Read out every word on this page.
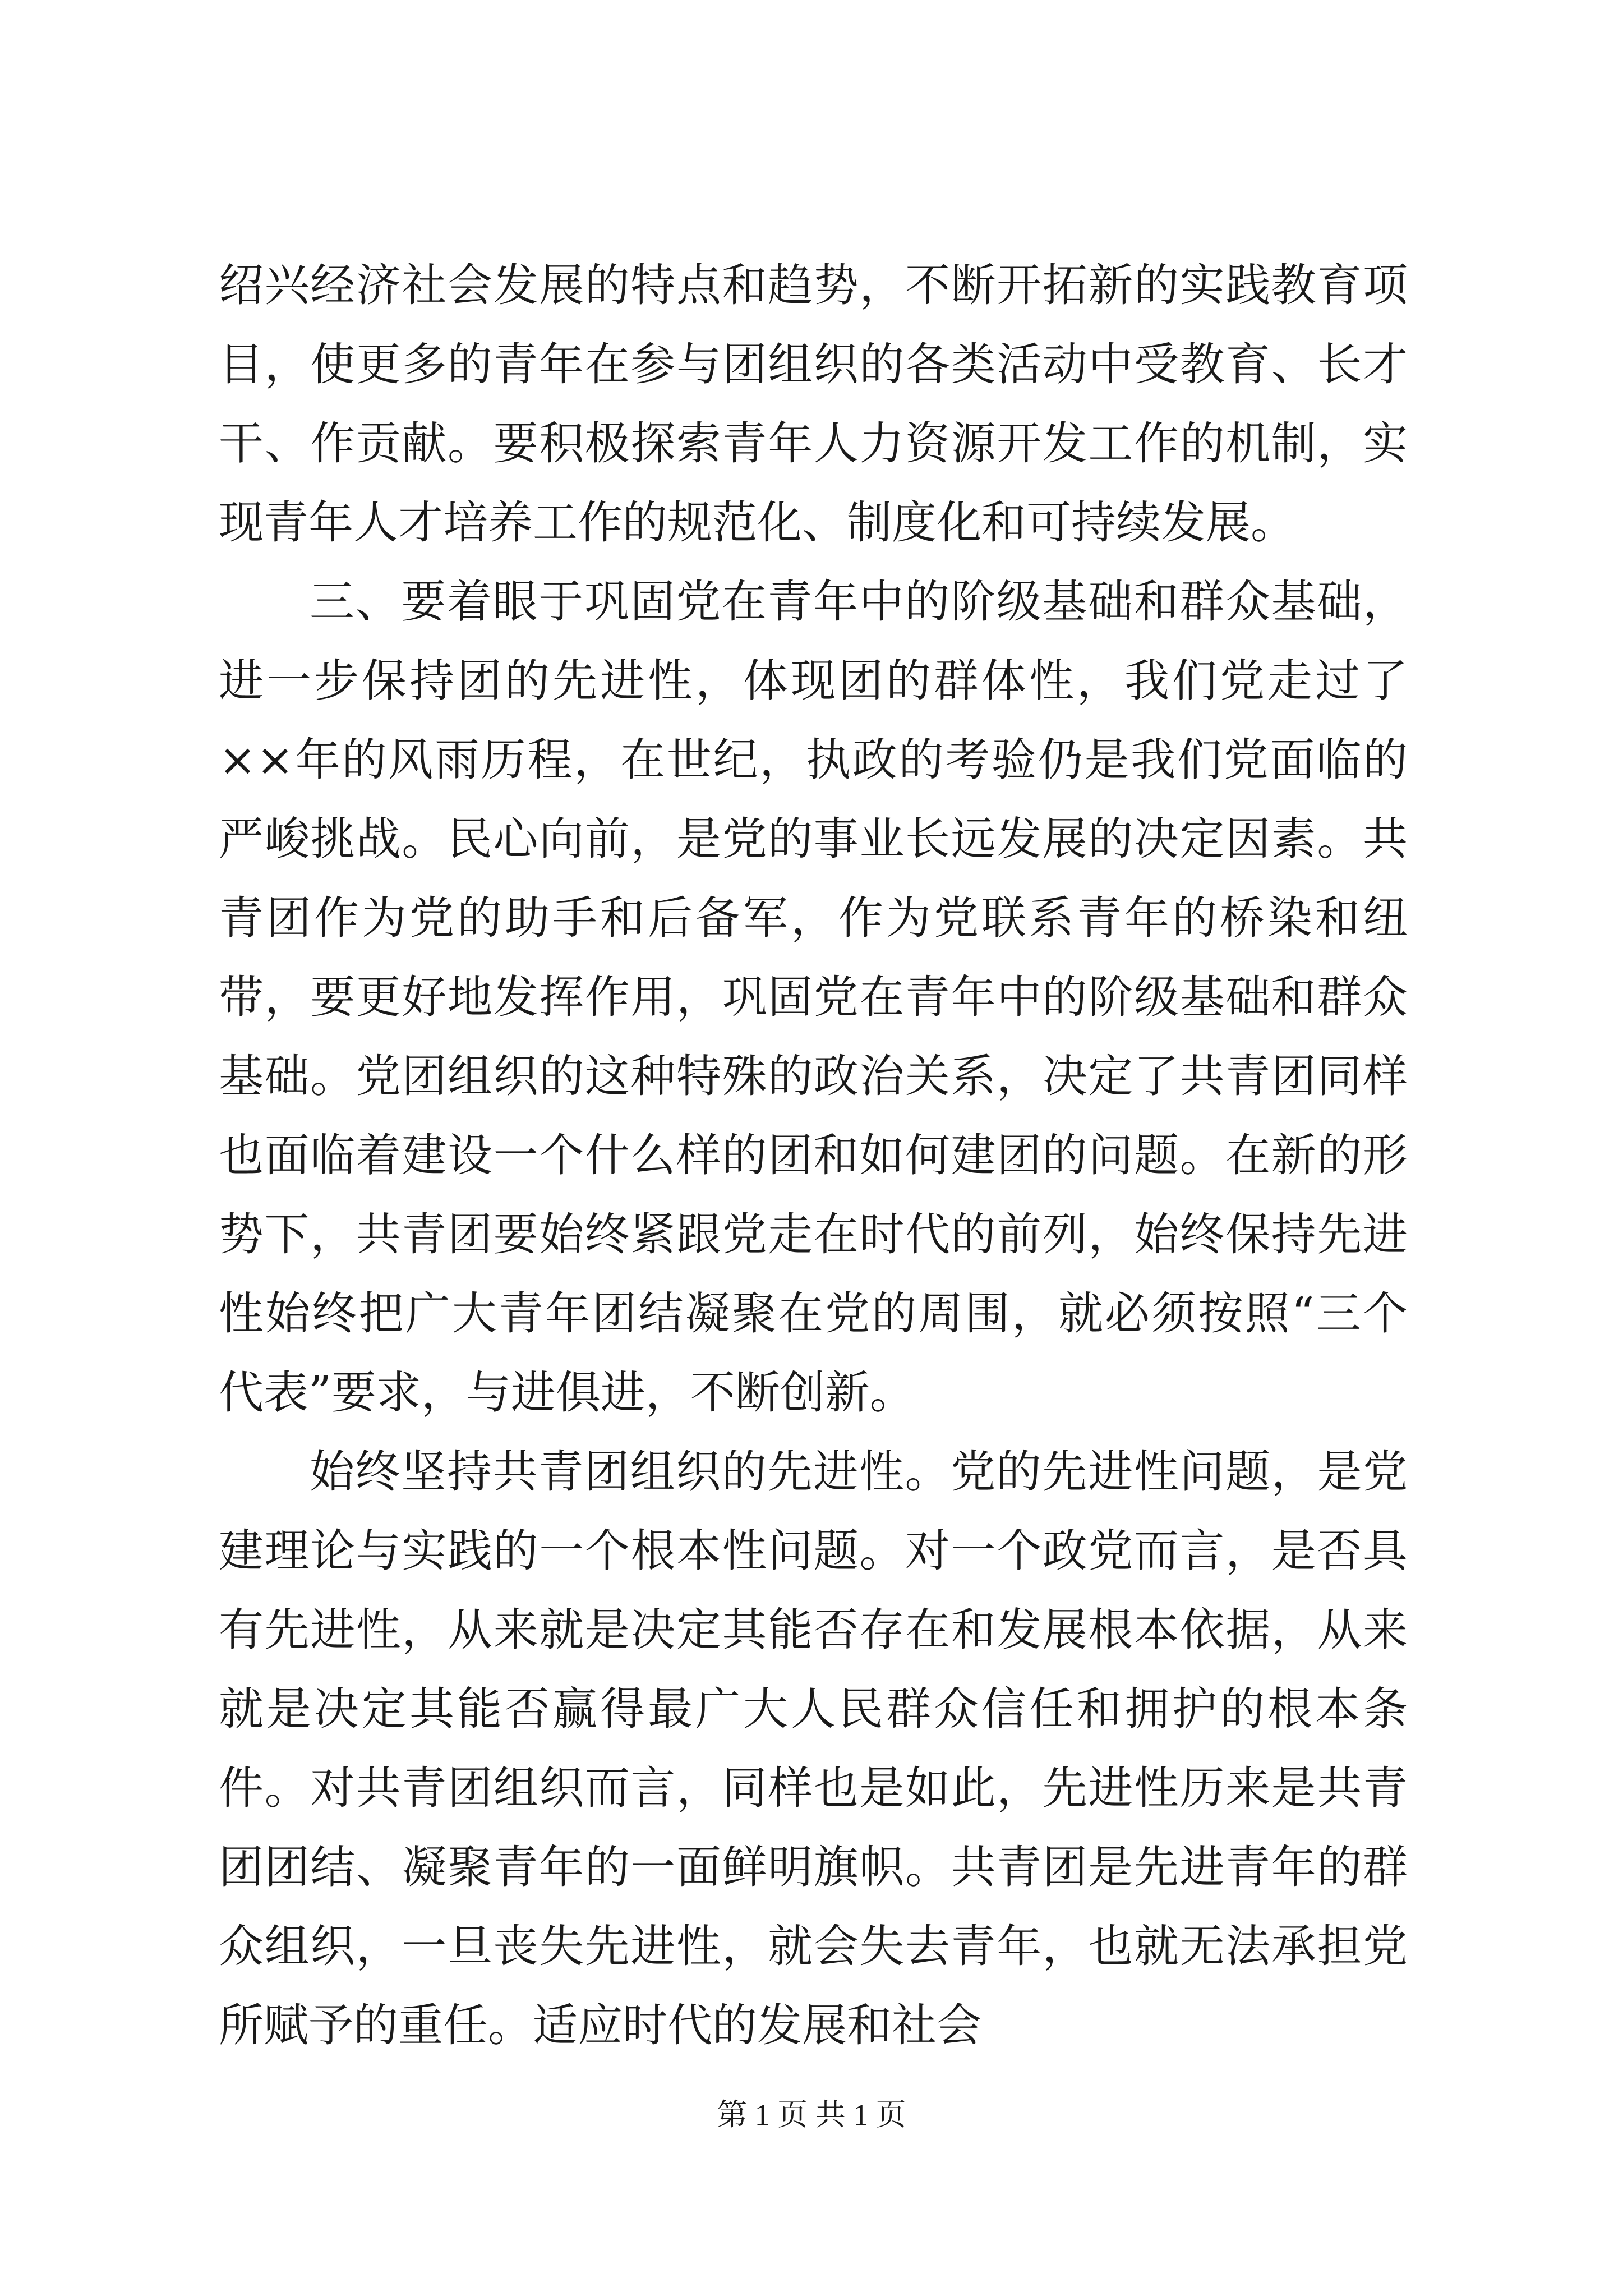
绍兴经济社会发展的特点和趋势，不断开拓新的实践教育项目，使更多的青年在参与团组织的各类活动中受教育、长才干、作贡献。要积极探索青年人力资源开发工作的机制，实现青年人才培养工作的规范化、制度化和可持续发展。

三、要着眼于巩固党在青年中的阶级基础和群众基础，进一步保持团的先进性，体现团的群体性，我们党走过了××年的风雨历程，在世纪，执政的考验仍是我们党面临的严峻挑战。民心向前，是党的事业长远发展的决定因素。共青团作为党的助手和后备军，作为党联系青年的桥染和纽带，要更好地发挥作用，巩固党在青年中的阶级基础和群众基础。党团组织的这种特殊的政治关系，决定了共青团同样也面临着建设一个什么样的团和如何建团的问题。在新的形势下，共青团要始终紧跟党走在时代的前列，始终保持先进性始终把广大青年团结凝聚在党的周围，就必须按照“三个代表”要求，与进俱进，不断创新。

始终坚持共青团组织的先进性。党的先进性问题，是党建理论与实践的一个根本性问题。对一个政党而言，是否具有先进性，从来就是决定其能否存在和发展根本依据，从来就是决定其能否赢得最广大人民群众信任和拥护的根本条件。对共青团组织而言，同样也是如此，先进性历来是共青团团结、凝聚青年的一面鲜明旗帜。共青团是先进青年的群众组织，一旦丧失先进性，就会失去青年，也就无法承担党所赋予的重任。适应时代的发展和社会

第 1 页 共 1 页
